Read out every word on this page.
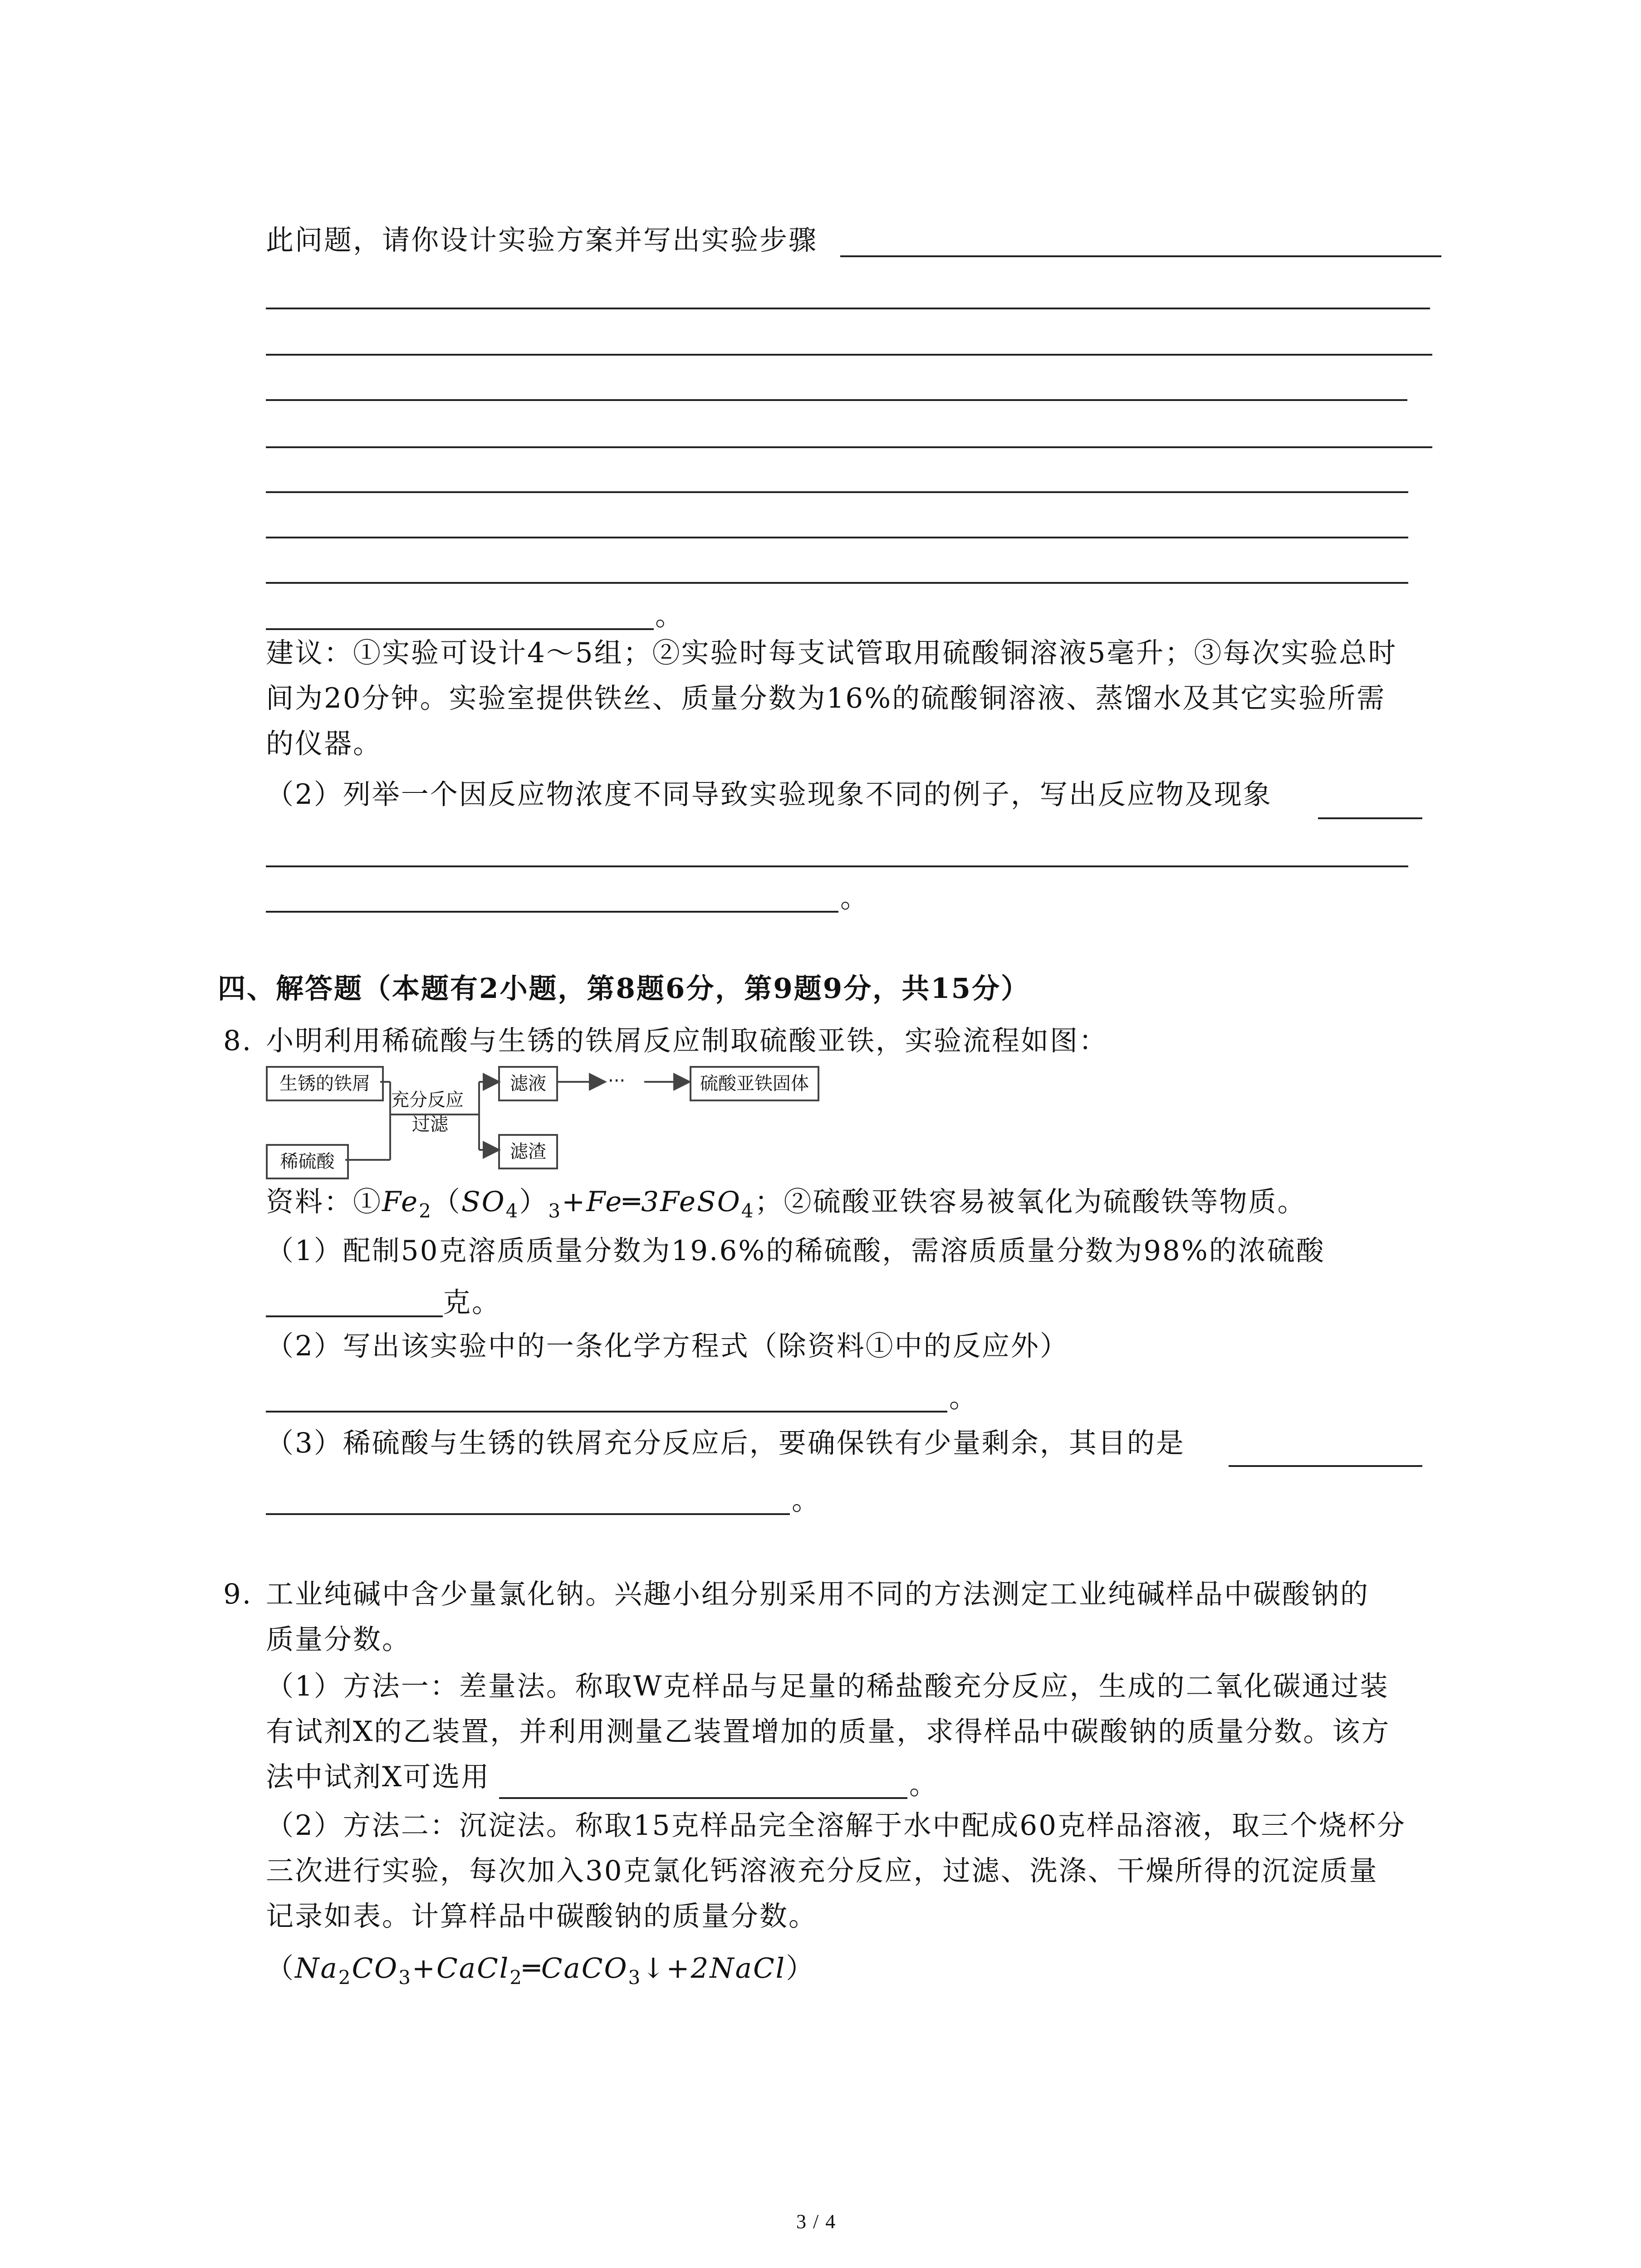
此问题，请你设计实验方案并写出实验步骤
。
建议：①实验可设计4～5组；②实验时每支试管取用硫酸铜溶液5毫升；③每次实验总时
间为20分钟。实验室提供铁丝、质量分数为16%的硫酸铜溶液、蒸馏水及其它实验所需
的仪器。
（2）列举一个因反应物浓度不同导致实验现象不同的例子，写出反应物及现象
。
四、解答题（本题有2小题，第8题6分，第9题9分，共15分）
8. 小明利用稀硫酸与生锈的铁屑反应制取硫酸亚铁，实验流程如图：
生锈的铁屑
稀硫酸
充分反应
过滤
滤液
滤渣
···	硫酸亚铁固体
资料：$①Fe_2(SO_4)_3+Fe═3FeSO_4$；②硫酸亚铁容易被氧化为硫酸铁等物质。
（1）配制50克溶质质量分数为19.6%的稀硫酸，需溶质质量分数为98%的浓硫酸
克。
（2）写出该实验中的一条化学方程式（除资料①中的反应外）
。
（3）稀硫酸与生锈的铁屑充分反应后，要确保铁有少量剩余，其目的是
。
9. 工业纯碱中含少量氯化钠。兴趣小组分别采用不同的方法测定工业纯碱样品中碳酸钠的
质量分数。
（1）方法一：差量法。称取W克样品与足量的稀盐酸充分反应，生成的二氧化碳通过装
有试剂X的乙装置，并利用测量乙装置增加的质量，求得样品中碳酸钠的质量分数。该方
法中试剂X可选用	。
（2）方法二：沉淀法。称取15克样品完全溶解于水中配成60克样品溶液，取三个烧杯分
三次进行实验，每次加入30克氯化钙溶液充分反应，过滤、洗涤、干燥所得的沉淀质量
记录如表。计算样品中碳酸钠的质量分数。
$(Na_2CO_3+CaCl_2═CaCO_3↓+2NaCl)$
3 / 4
